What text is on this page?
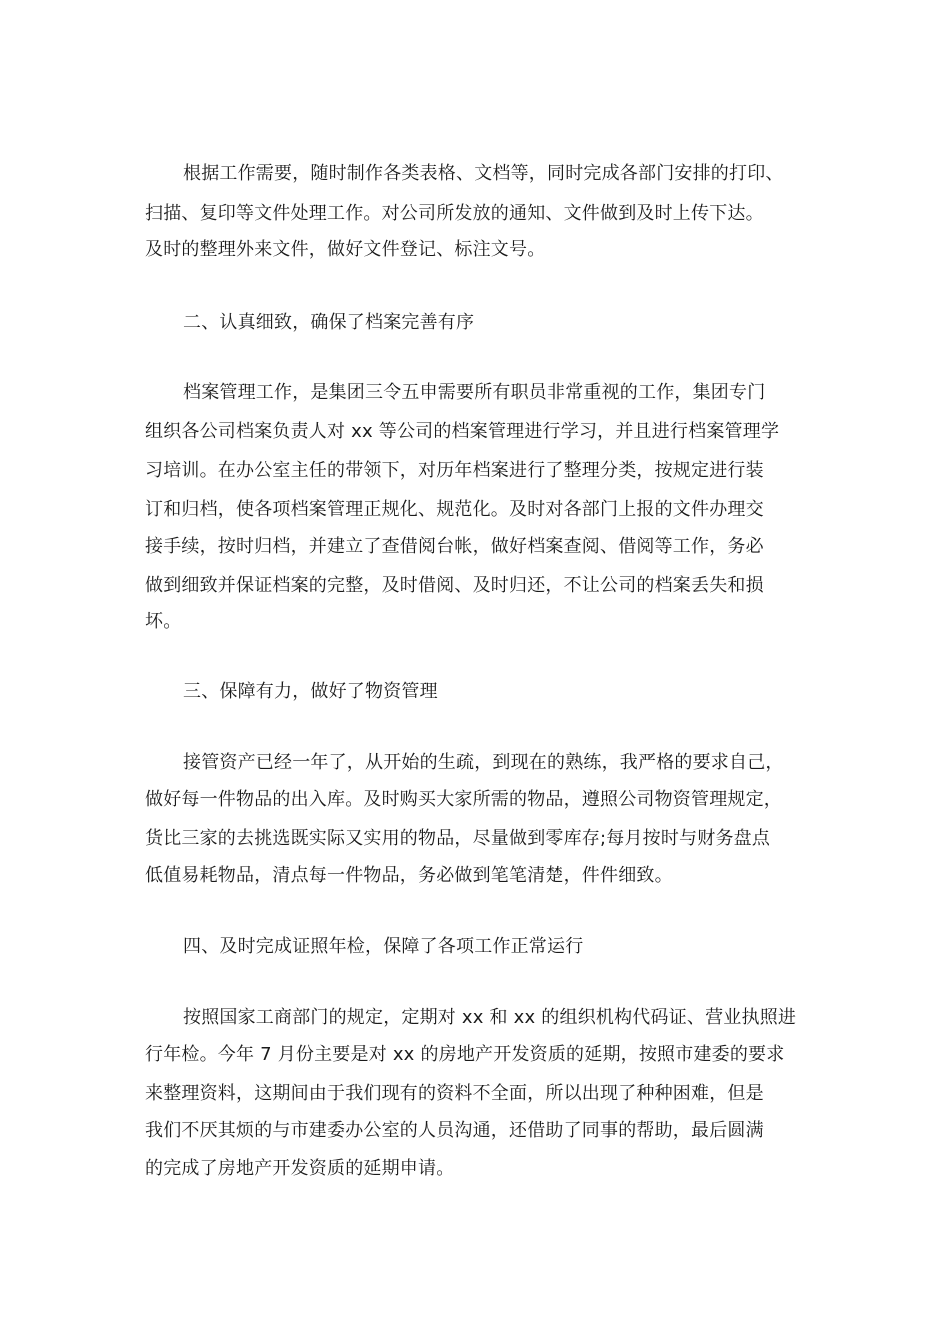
根据工作需要，随时制作各类表格、文档等，同时完成各部门安排的打印、
扫描、复印等文件处理工作。对公司所发放的通知、文件做到及时上传下达。
及时的整理外来文件，做好文件登记、标注文号。
二、认真细致，确保了档案完善有序
档案管理工作，是集团三令五申需要所有职员非常重视的工作，集团专门
组织各公司档案负责人对 xx 等公司的档案管理进行学习，并且进行档案管理学
习培训。在办公室主任的带领下，对历年档案进行了整理分类，按规定进行装
订和归档，使各项档案管理正规化、规范化。及时对各部门上报的文件办理交
接手续，按时归档，并建立了查借阅台帐，做好档案查阅、借阅等工作，务必
做到细致并保证档案的完整，及时借阅、及时归还，不让公司的档案丢失和损
坏。
三、保障有力，做好了物资管理
接管资产已经一年了，从开始的生疏，到现在的熟练，我严格的要求自己，
做好每一件物品的出入库。及时购买大家所需的物品，遵照公司物资管理规定，
货比三家的去挑选既实际又实用的物品，尽量做到零库存;每月按时与财务盘点
低值易耗物品，清点每一件物品，务必做到笔笔清楚，件件细致。
四、及时完成证照年检，保障了各项工作正常运行
按照国家工商部门的规定，定期对 xx 和 xx 的组织机构代码证、营业执照进
行年检。今年 7 月份主要是对 xx 的房地产开发资质的延期，按照市建委的要求
来整理资料，这期间由于我们现有的资料不全面，所以出现了种种困难，但是
我们不厌其烦的与市建委办公室的人员沟通，还借助了同事的帮助，最后圆满
的完成了房地产开发资质的延期申请。
